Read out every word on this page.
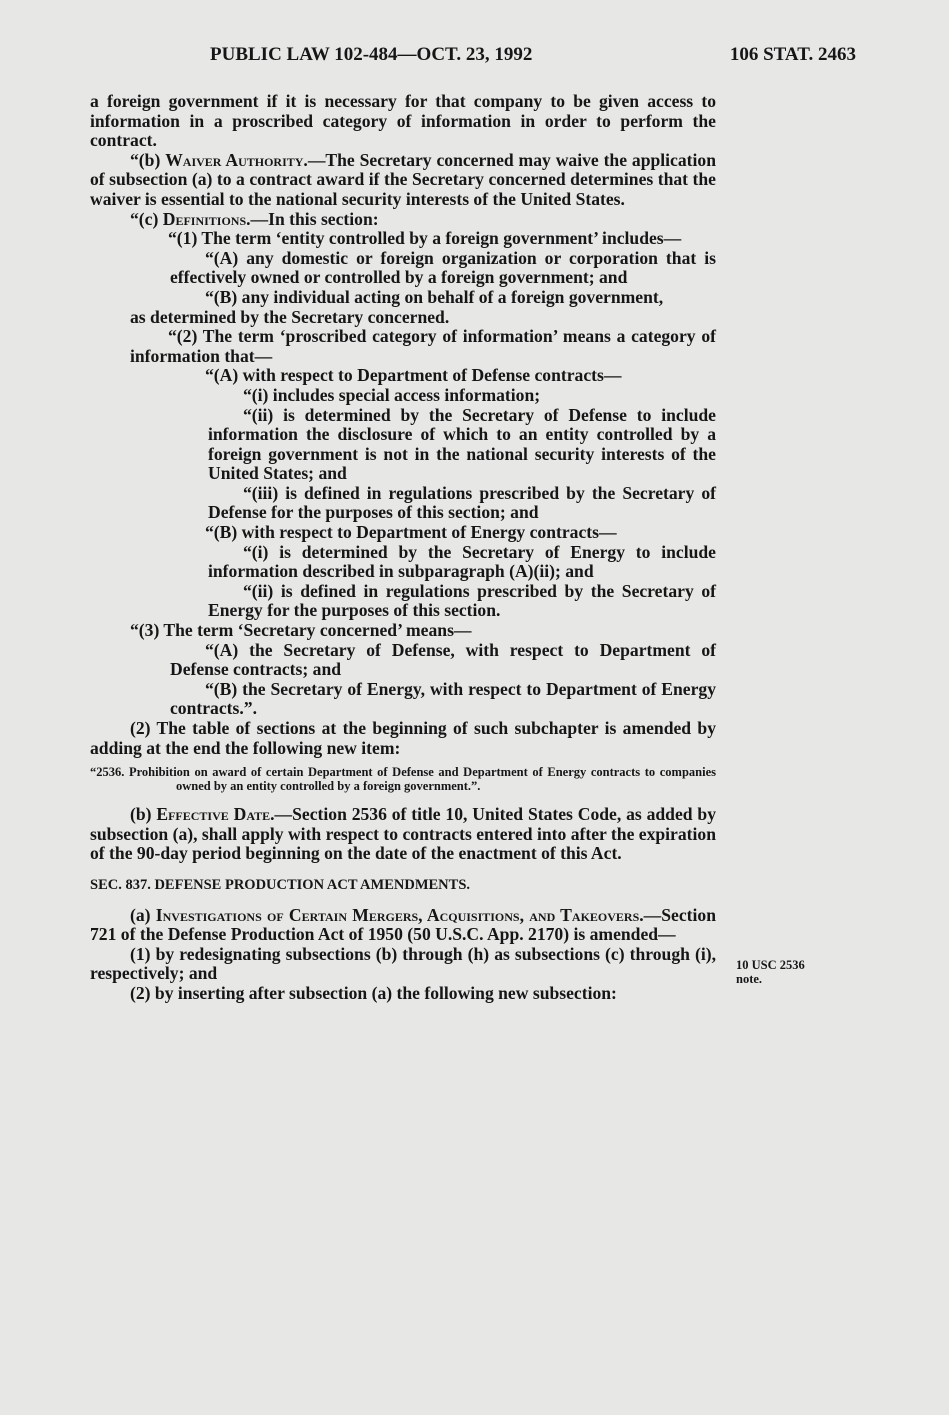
PUBLIC LAW 102-484—OCT. 23, 1992	106 STAT. 2463

a foreign government if it is necessary for that company to be given access to information in a proscribed category of information in order to perform the contract.

“(b) Waiver Authority.—The Secretary concerned may waive the application of subsection (a) to a contract award if the Secretary concerned determines that the waiver is essential to the national security interests of the United States.

“(c) Definitions.—In this section:

“(1) The term ‘entity controlled by a foreign government’ includes—

“(A) any domestic or foreign organization or corporation that is effectively owned or controlled by a foreign government; and

“(B) any individual acting on behalf of a foreign government,

as determined by the Secretary concerned.

“(2) The term ‘proscribed category of information’ means a category of information that—

“(A) with respect to Department of Defense contracts—

“(i) includes special access information;

“(ii) is determined by the Secretary of Defense to include information the disclosure of which to an entity controlled by a foreign government is not in the national security interests of the United States; and

“(iii) is defined in regulations prescribed by the Secretary of Defense for the purposes of this section; and

“(B) with respect to Department of Energy contracts—

“(i) is determined by the Secretary of Energy to include information described in subparagraph (A)(ii); and

“(ii) is defined in regulations prescribed by the Secretary of Energy for the purposes of this section.

“(3) The term ‘Secretary concerned’ means—

“(A) the Secretary of Defense, with respect to Department of Defense contracts; and

“(B) the Secretary of Energy, with respect to Department of Energy contracts.”.

(2) The table of sections at the beginning of such subchapter is amended by adding at the end the following new item:

“2536. Prohibition on award of certain Department of Defense and Department of Energy contracts to companies owned by an entity controlled by a foreign government.”.

(b) Effective Date.—Section 2536 of title 10, United States Code, as added by subsection (a), shall apply with respect to contracts entered into after the expiration of the 90-day period beginning on the date of the enactment of this Act.

SEC. 837. DEFENSE PRODUCTION ACT AMENDMENTS.

(a) Investigations of Certain Mergers, Acquisitions, and Takeovers.—Section 721 of the Defense Production Act of 1950 (50 U.S.C. App. 2170) is amended—

(1) by redesignating subsections (b) through (h) as subsections (c) through (i), respectively; and

(2) by inserting after subsection (a) the following new subsection:

10 USC 2536
note.
